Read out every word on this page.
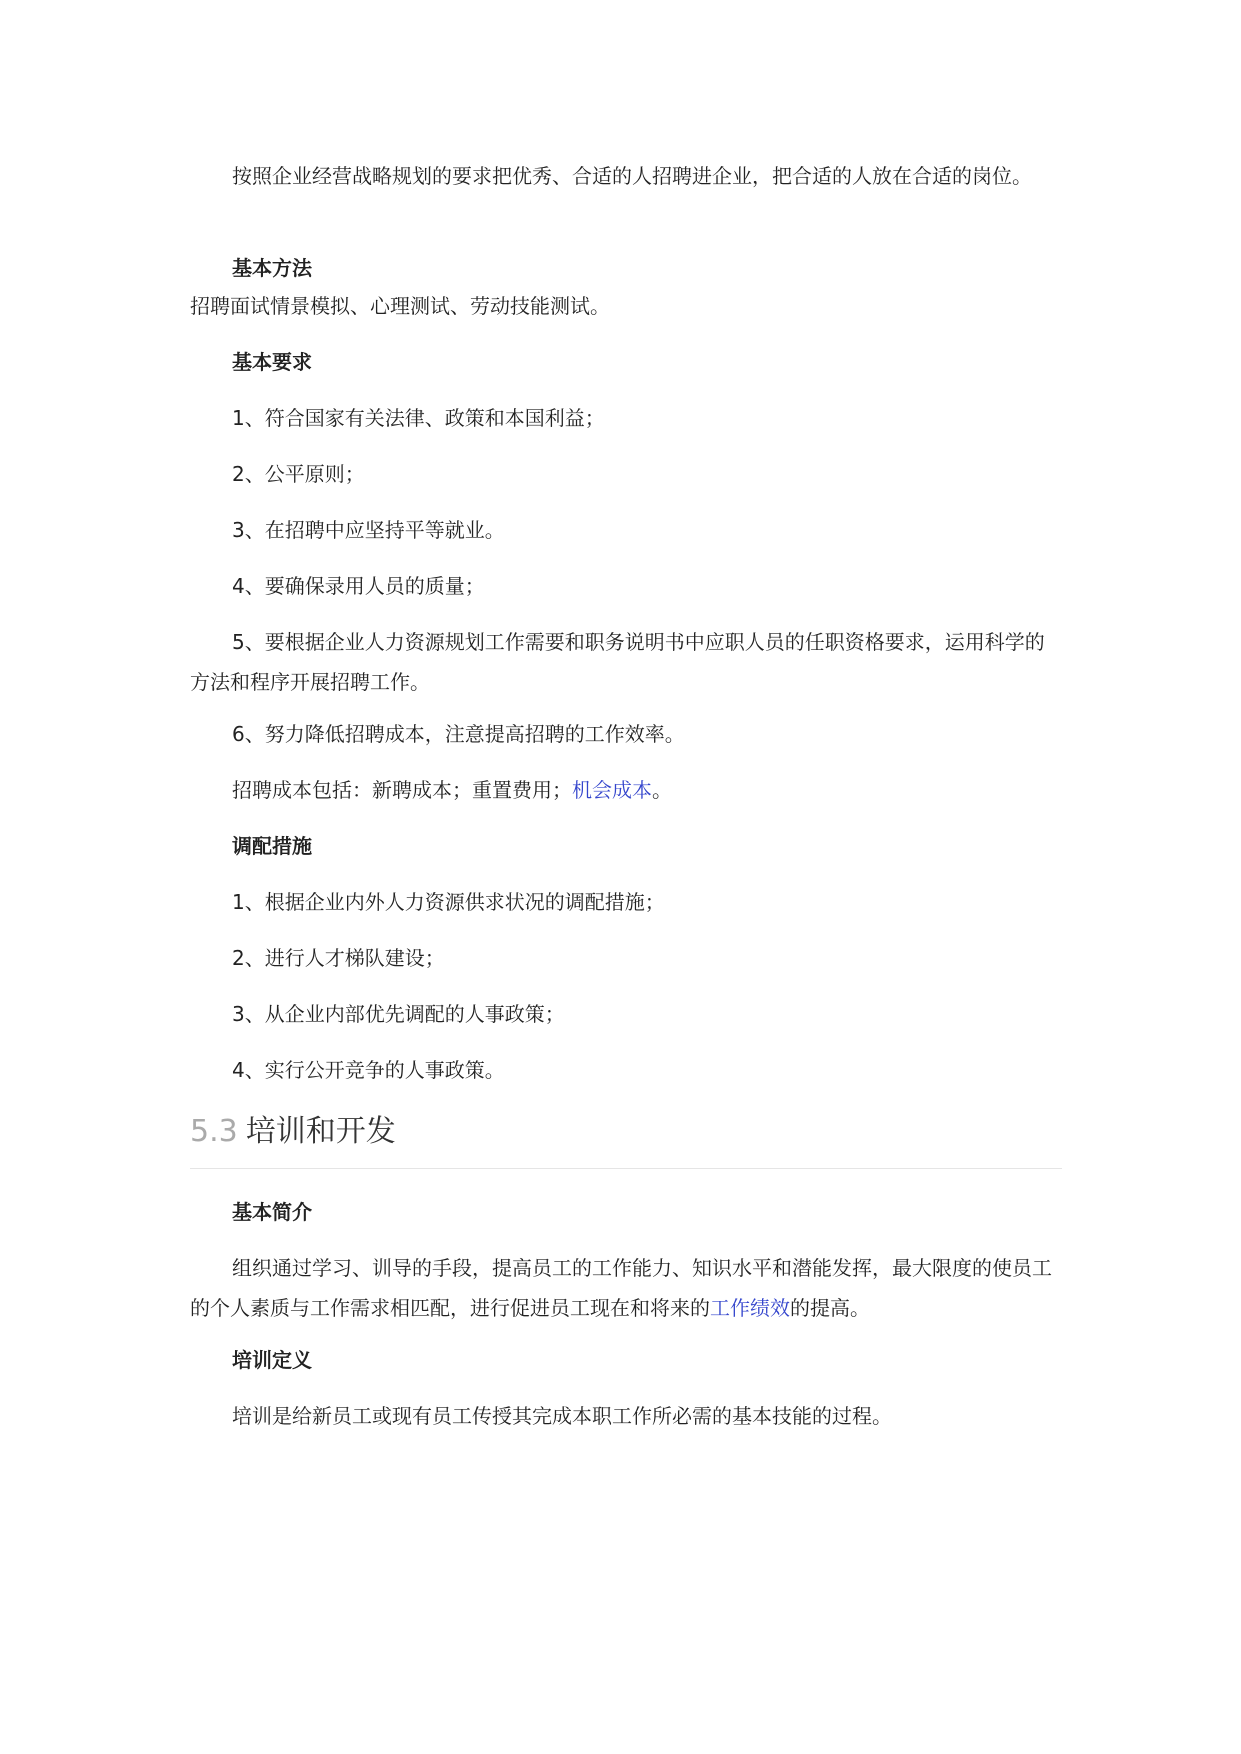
按照企业经营战略规划的要求把优秀、合适的人招聘进企业，把合适的人放在合适的岗位。

基本方法

招聘面试情景模拟、心理测试、劳动技能测试。

基本要求

1、符合国家有关法律、政策和本国利益；

2、公平原则；

3、在招聘中应坚持平等就业。

4、要确保录用人员的质量；

5、要根据企业人力资源规划工作需要和职务说明书中应职人员的任职资格要求，运用科学的方法和程序开展招聘工作。

6、努力降低招聘成本，注意提高招聘的工作效率。

招聘成本包括：新聘成本；重置费用；机会成本。

调配措施

1、根据企业内外人力资源供求状况的调配措施；

2、进行人才梯队建设；

3、从企业内部优先调配的人事政策；

4、实行公开竞争的人事政策。

5.3 培训和开发

基本简介

组织通过学习、训导的手段，提高员工的工作能力、知识水平和潜能发挥，最大限度的使员工的个人素质与工作需求相匹配，进行促进员工现在和将来的工作绩效的提高。

培训定义

培训是给新员工或现有员工传授其完成本职工作所必需的基本技能的过程。
